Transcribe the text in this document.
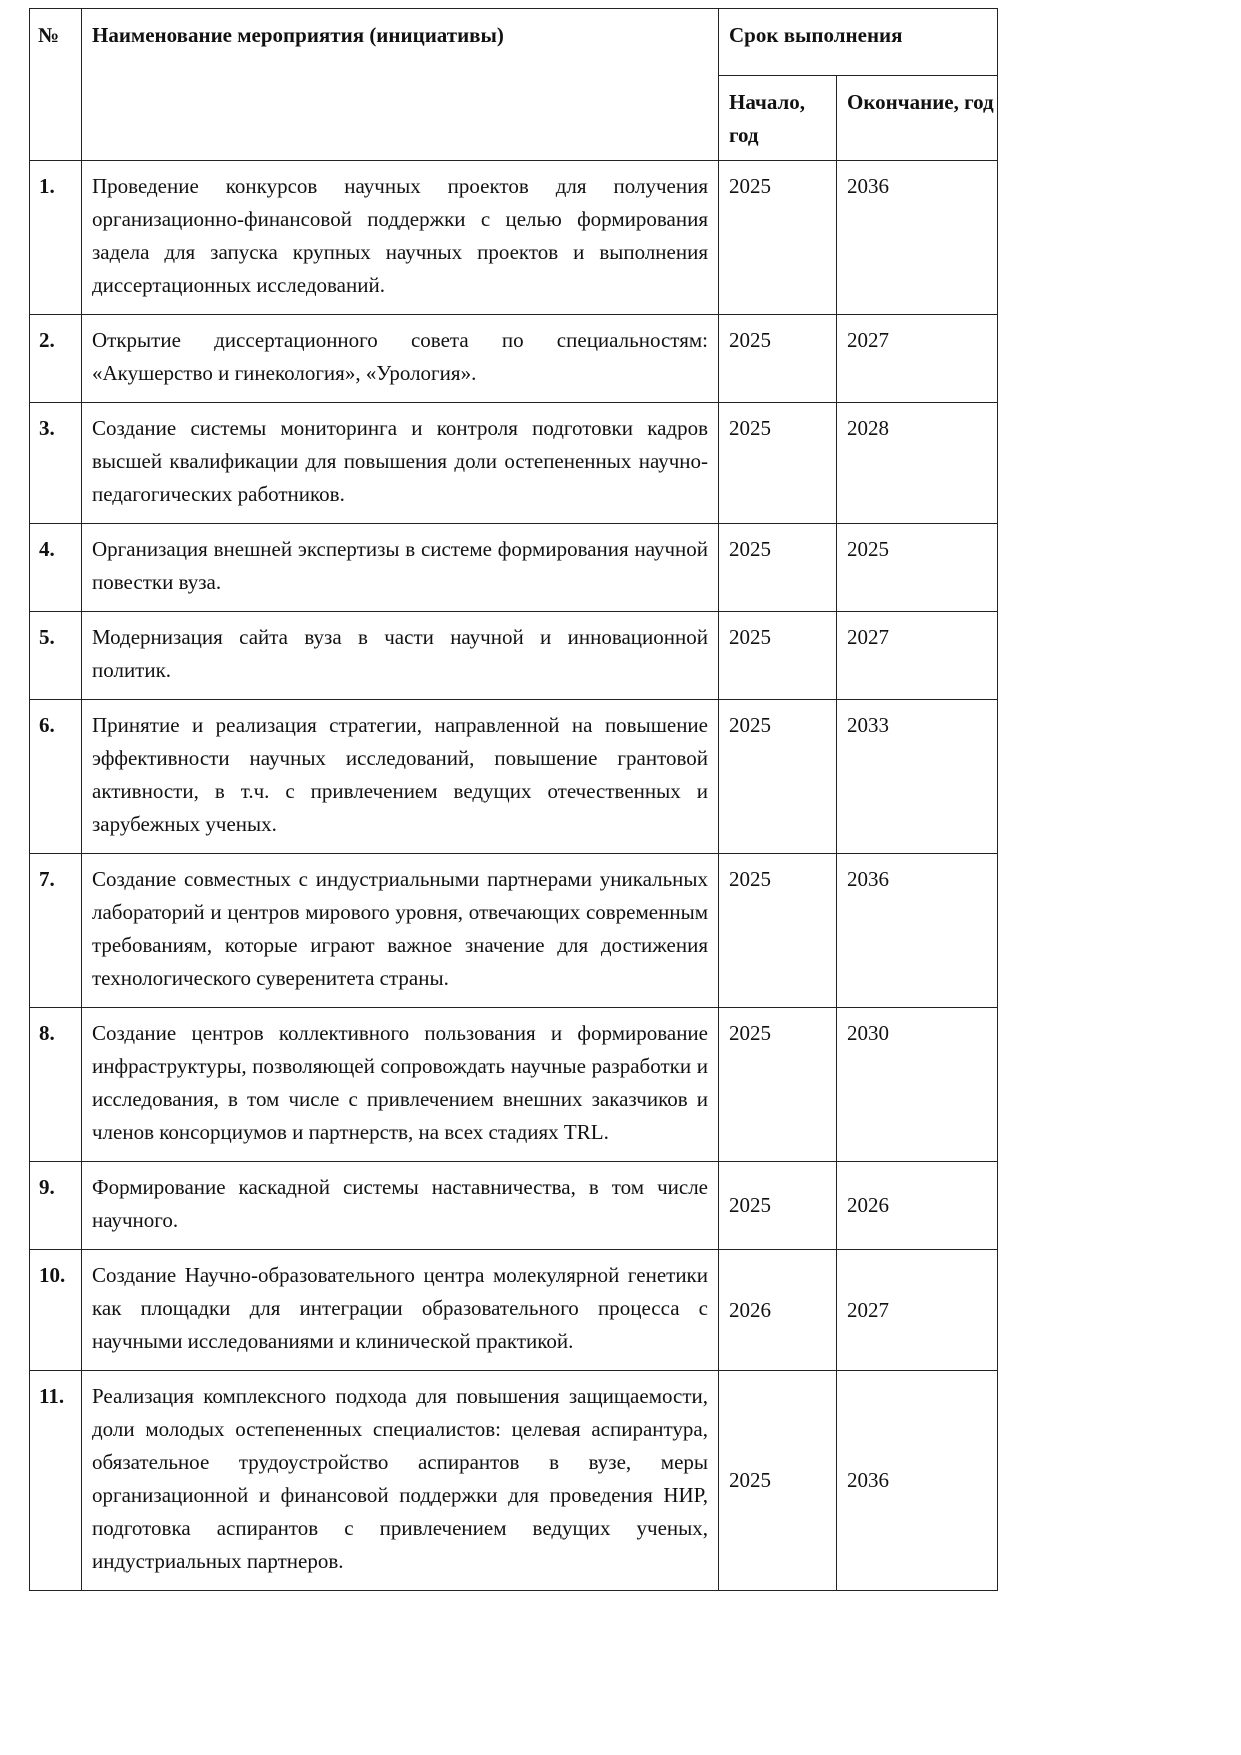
№	Наименование мероприятия (инициативы)	Срок выполнения	
		Начало, год	Окончание, год
1.	Проведение конкурсов научных проектов для получения организационно-финансовой поддержки с целью формирования задела для запуска крупных научных проектов и выполнения диссертационных исследований.	2025	2036
2.	Открытие диссертационного совета по специальностям: «Акушерство и гинекология», «Урология».	2025	2027
3.	Создание системы мониторинга и контроля подготовки кадров высшей квалификации для повышения доли остепененных научно-педагогических работников.	2025	2028
4.	Организация внешней экспертизы в системе формирования научной повестки вуза.	2025	2025
5.	Модернизация сайта вуза в части научной и инновационной политик.	2025	2027
6.	Принятие и реализация стратегии, направленной на повышение эффективности научных исследований, повышение грантовой активности, в т.ч. с привлечением ведущих отечественных и зарубежных ученых.	2025	2033
7.	Создание совместных с индустриальными партнерами уникальных лабораторий и центров мирового уровня, отвечающих современным требованиям, которые играют важное значение для достижения технологического суверенитета страны.	2025	2036
8.	Создание центров коллективного пользования и формирование инфраструктуры, позволяющей сопровождать научные разработки и исследования, в том числе с привлечением внешних заказчиков и членов консорциумов и партнерств, на всех стадиях TRL.	2025	2030
9.	Формирование каскадной системы наставничества, в том числе научного.	2025	2026
10.	Создание Научно-образовательного центра молекулярной генетики как площадки для интеграции образовательного процесса с научными исследованиями и клинической практикой.	2026	2027
11.	Реализация комплексного подхода для повышения защищаемости, доли молодых остепененных специалистов: целевая аспирантура, обязательное трудоустройство аспирантов в вузе, меры организационной и финансовой поддержки для проведения НИР, подготовка аспирантов с привлечением ведущих ученых, индустриальных партнеров.	2025	2036
